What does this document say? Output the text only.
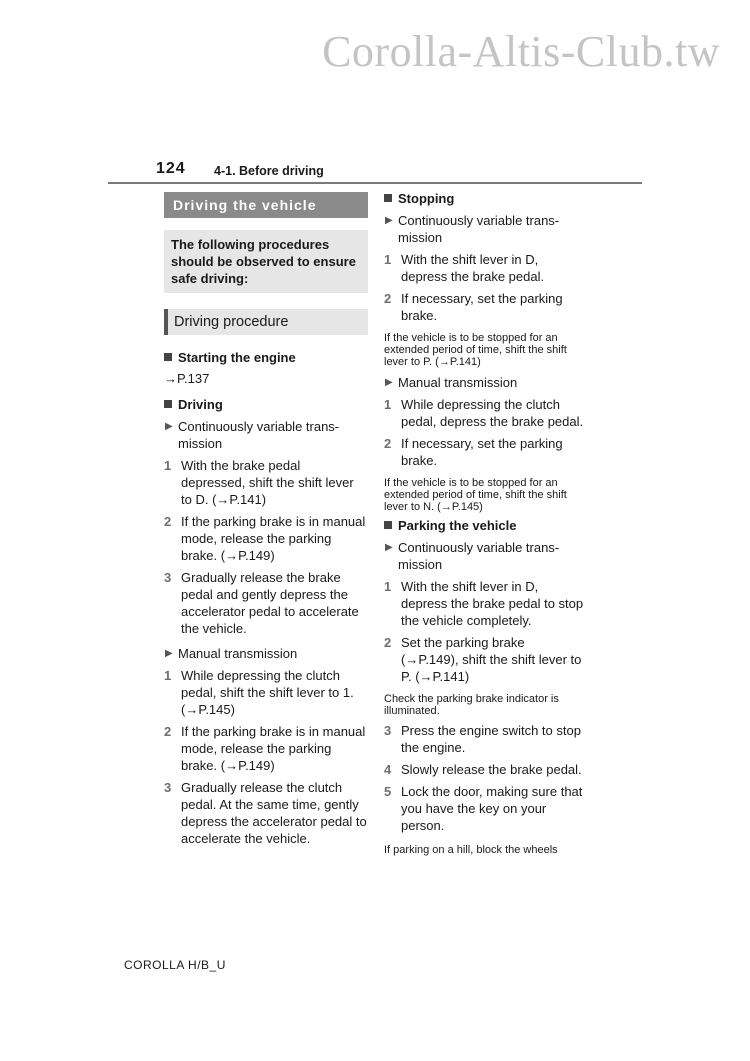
Corolla-Altis-Club.tw
124 4-1. Before driving
Driving the vehicle
The following procedures should be observed to ensure safe driving:
Driving procedure
Starting the engine
→P.137
Driving
▶ Continuously variable trans-mission
1 With the brake pedal depressed, shift the shift lever to D. (→P.141)
2 If the parking brake is in manual mode, release the parking brake. (→P.149)
3 Gradually release the brake pedal and gently depress the accelerator pedal to accelerate the vehicle.
▶ Manual transmission
1 While depressing the clutch pedal, shift the shift lever to 1. (→P.145)
2 If the parking brake is in manual mode, release the parking brake. (→P.149)
3 Gradually release the clutch pedal. At the same time, gently depress the accelerator pedal to accelerate the vehicle.
Stopping
▶ Continuously variable trans-mission
1 With the shift lever in D, depress the brake pedal.
2 If necessary, set the parking brake.
If the vehicle is to be stopped for an extended period of time, shift the shift lever to P. (→P.141)
▶ Manual transmission
1 While depressing the clutch pedal, depress the brake pedal.
2 If necessary, set the parking brake.
If the vehicle is to be stopped for an extended period of time, shift the shift lever to N. (→P.145)
Parking the vehicle
▶ Continuously variable trans-mission
1 With the shift lever in D, depress the brake pedal to stop the vehicle completely.
2 Set the parking brake (→P.149), shift the shift lever to P. (→P.141)
Check the parking brake indicator is illuminated.
3 Press the engine switch to stop the engine.
4 Slowly release the brake pedal.
5 Lock the door, making sure that you have the key on your person.
If parking on a hill, block the wheels
COROLLA H/B_U
